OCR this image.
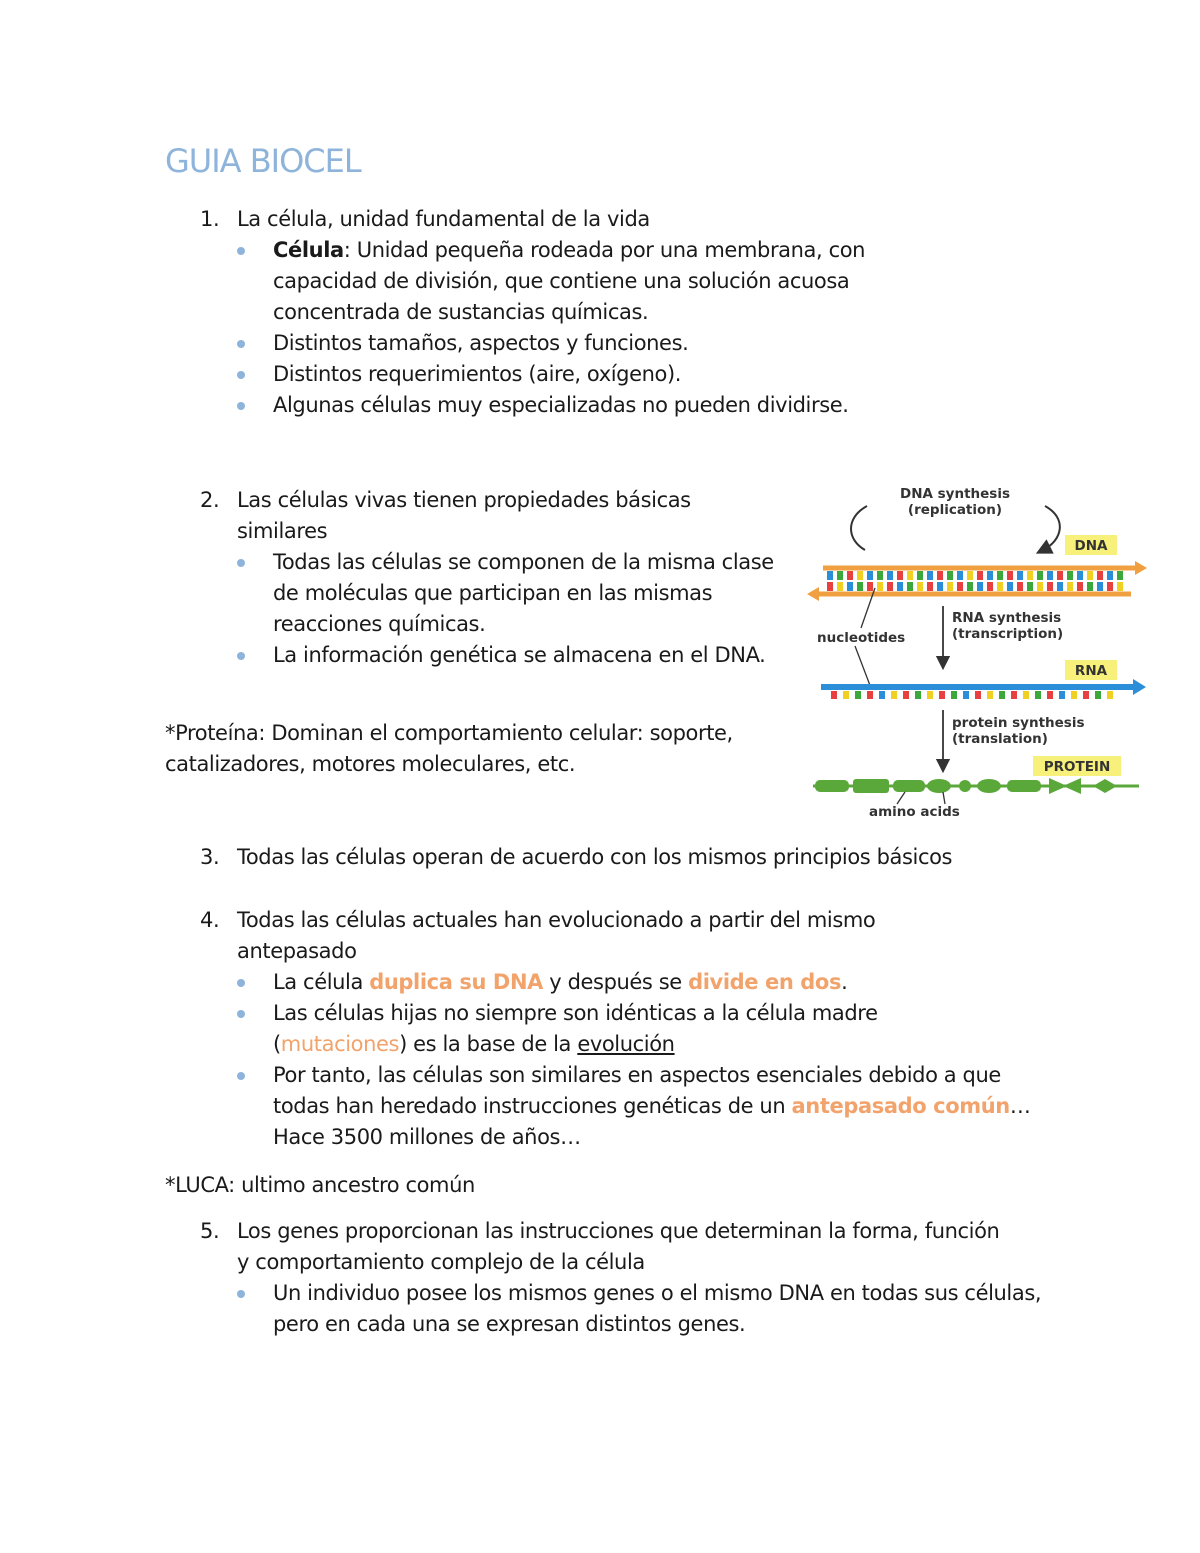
GUIA BIOCEL
1. La célula, unidad fundamental de la vida
Célula: Unidad pequeña rodeada por una membrana, con capacidad de división, que contiene una solución acuosa concentrada de sustancias químicas.
Distintos tamaños, aspectos y funciones.
Distintos requerimientos (aire, oxígeno).
Algunas células muy especializadas no pueden dividirse.
2. Las células vivas tienen propiedades básicas similares
Todas las células se componen de la misma clase de moléculas que participan en las mismas reacciones químicas.
La información genética se almacena en el DNA.
*Proteína: Dominan el comportamiento celular: soporte, catalizadores, motores moleculares, etc.
DNA synthesis
(replication)
DNA
RNA synthesis
(transcription)
nucleotides
RNA
protein synthesis
(translation)
PROTEIN
amino acids
3. Todas las células operan de acuerdo con los mismos principios básicos
4. Todas las células actuales han evolucionado a partir del mismo antepasado
La célula duplica su DNA y después se divide en dos.
Las células hijas no siempre son idénticas a la célula madre (mutaciones) es la base de la evolución
Por tanto, las células son similares en aspectos esenciales debido a que todas han heredado instrucciones genéticas de un antepasado común… Hace 3500 millones de años…
*LUCA: ultimo ancestro común
5. Los genes proporcionan las instrucciones que determinan la forma, función y comportamiento complejo de la célula
Un individuo posee los mismos genes o el mismo DNA en todas sus células, pero en cada una se expresan distintos genes.
